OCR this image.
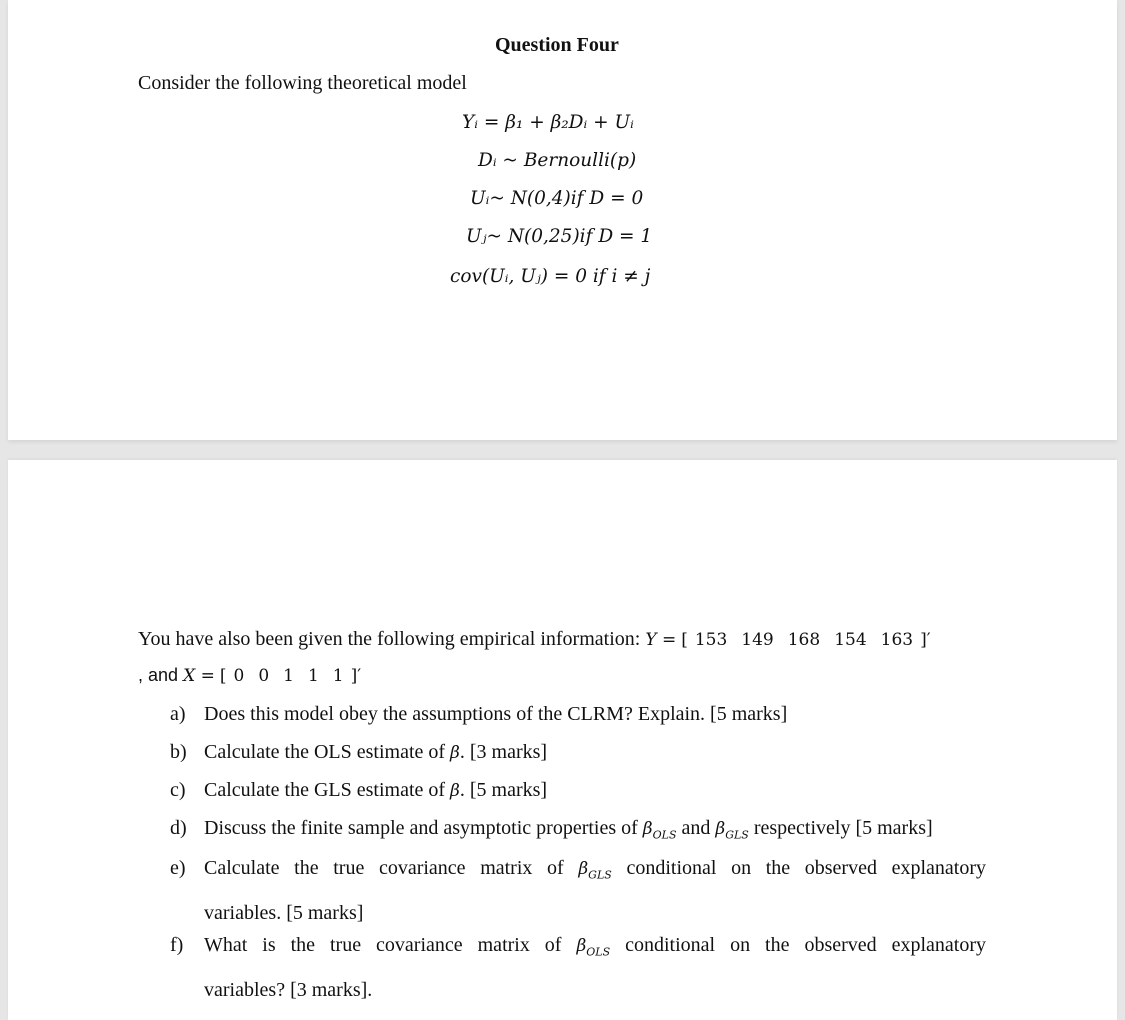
Question Four
Consider the following theoretical model
Yᵢ = β₁ + β₂Dᵢ + Uᵢ
Dᵢ ~ Bernoulli(p)
Uᵢ~ N(0,4)if D = 0
Uⱼ~ N(0,25)if D = 1
cov(Uᵢ, Uⱼ) = 0 if i ≠ j
You have also been given the following empirical information: Y = [ 153 149 168 154 163 ]′
, and X = [ 0 0 1 1 1 ]′
a) Does this model obey the assumptions of the CLRM? Explain. [5 marks]
b) Calculate the OLS estimate of β. [3 marks]
c) Calculate the GLS estimate of β. [5 marks]
d) Discuss the finite sample and asymptotic properties of $\beta_{OLS}$ and $\beta_{GLS}$ respectively [5 marks]
e) Calculate the true covariance matrix of $\beta_{GLS}$ conditional on the observed explanatory
variables. [5 marks]
f) What is the true covariance matrix of $\beta_{OLS}$ conditional on the observed explanatory
variables? [3 marks].
